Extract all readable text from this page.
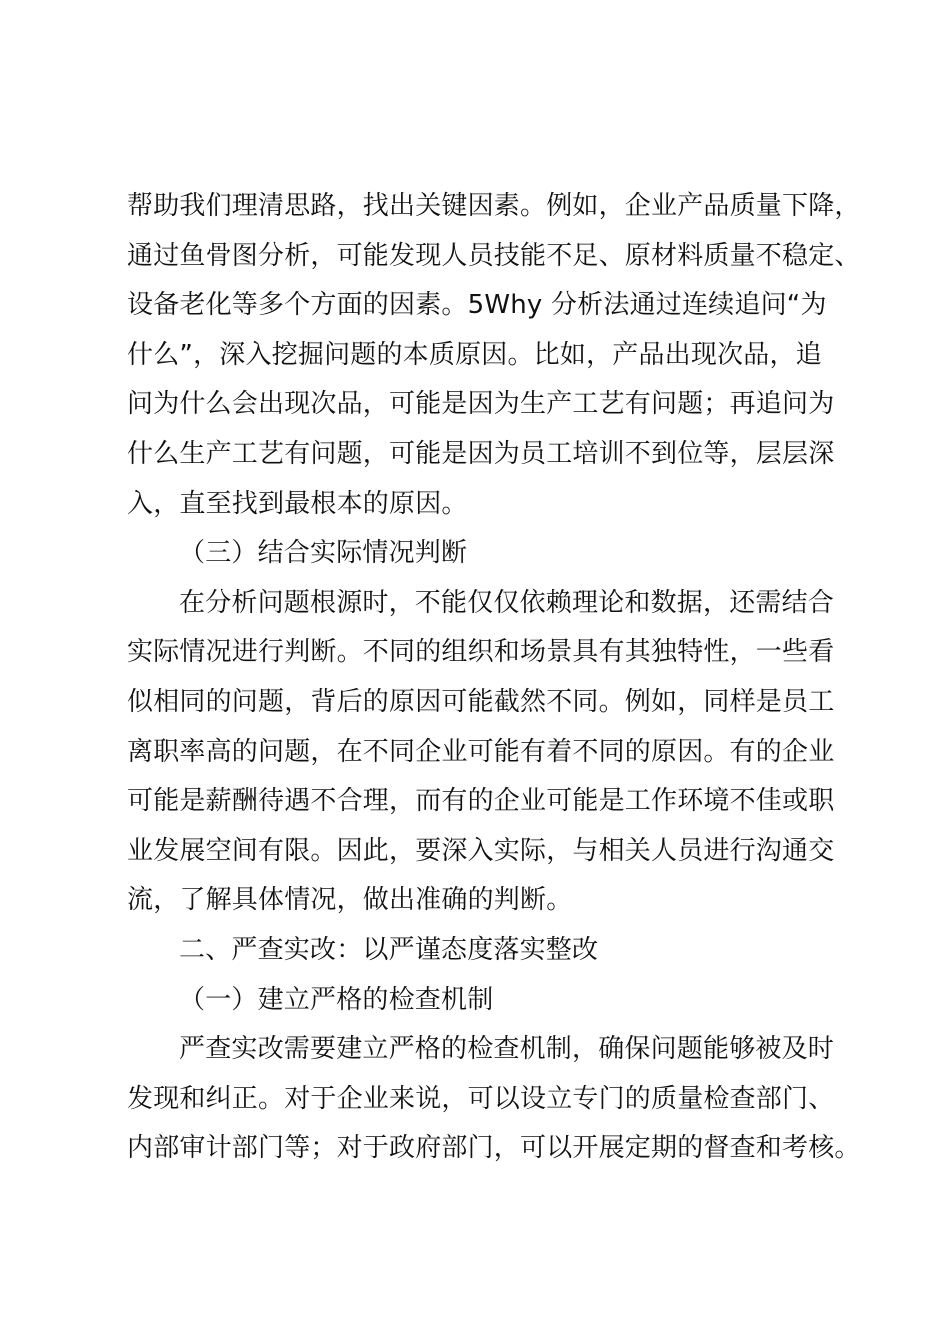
帮助我们理清思路，找出关键因素。例如，企业产品质量下降，
通过鱼骨图分析，可能发现人员技能不足、原材料质量不稳定、
设备老化等多个方面的因素。5Why 分析法通过连续追问“为
什么”，深入挖掘问题的本质原因。比如，产品出现次品，追
问为什么会出现次品，可能是因为生产工艺有问题；再追问为
什么生产工艺有问题，可能是因为员工培训不到位等，层层深
入，直至找到最根本的原因。
（三）结合实际情况判断
在分析问题根源时，不能仅仅依赖理论和数据，还需结合
实际情况进行判断。不同的组织和场景具有其独特性，一些看
似相同的问题，背后的原因可能截然不同。例如，同样是员工
离职率高的问题，在不同企业可能有着不同的原因。有的企业
可能是薪酬待遇不合理，而有的企业可能是工作环境不佳或职
业发展空间有限。因此，要深入实际，与相关人员进行沟通交
流，了解具体情况，做出准确的判断。
二、严查实改：以严谨态度落实整改
（一）建立严格的检查机制
严查实改需要建立严格的检查机制，确保问题能够被及时
发现和纠正。对于企业来说，可以设立专门的质量检查部门、
内部审计部门等；对于政府部门，可以开展定期的督查和考核。
